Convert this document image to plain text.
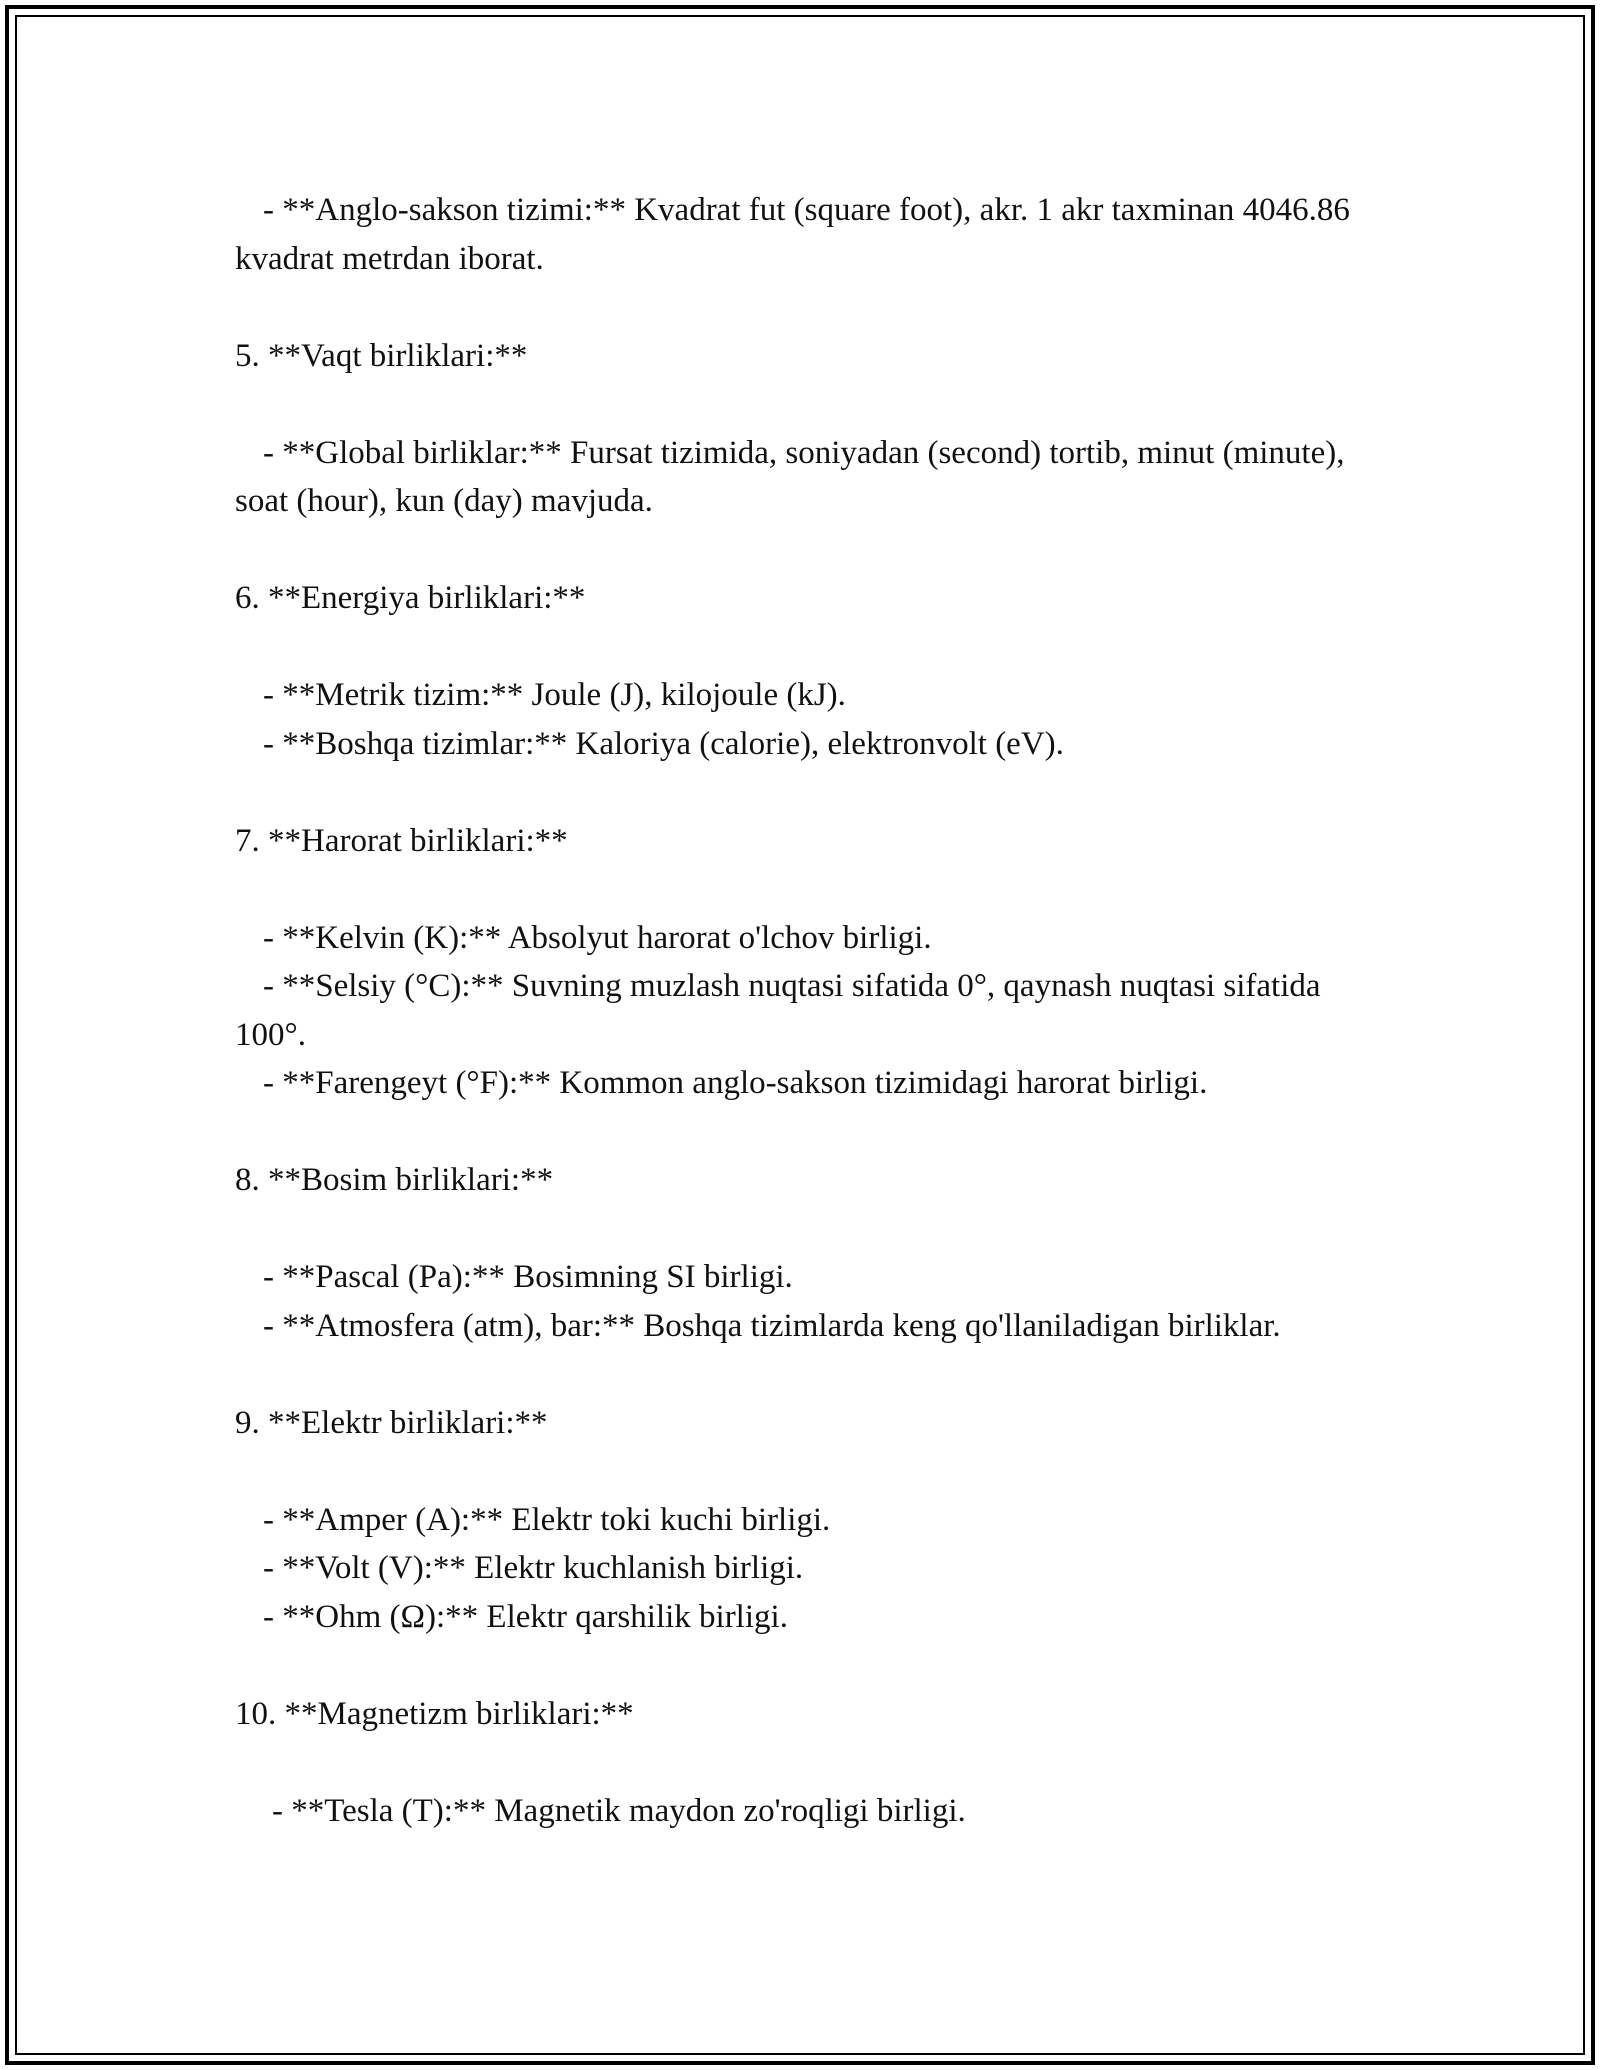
- **Anglo-sakson tizimi:** Kvadrat fut (square foot), akr. 1 akr taxminan 4046.86 kvadrat metrdan iborat.

5. **Vaqt birliklari:**

- **Global birliklar:** Fursat tizimida, soniyadan (second) tortib, minut (minute), soat (hour), kun (day) mavjuda.

6. **Energiya birliklari:**

- **Metrik tizim:** Joule (J), kilojoule (kJ).

- **Boshqa tizimlar:** Kaloriya (calorie), elektronvolt (eV).

7. **Harorat birliklari:**

- **Kelvin (K):** Absolyut harorat o'lchov birligi.

- **Selsiy (°C):** Suvning muzlash nuqtasi sifatida 0°, qaynash nuqtasi sifatida 100°.

- **Farengeyt (°F):** Kommon anglo-sakson tizimidagi harorat birligi.

8. **Bosim birliklari:**

- **Pascal (Pa):** Bosimning SI birligi.

- **Atmosfera (atm), bar:** Boshqa tizimlarda keng qo'llaniladigan birliklar.

9. **Elektr birliklari:**

- **Amper (A):** Elektr toki kuchi birligi.

- **Volt (V):** Elektr kuchlanish birligi.

- **Ohm (Ω):** Elektr qarshilik birligi.

10. **Magnetizm birliklari:**

- **Tesla (T):** Magnetik maydon zo'roqligi birligi.
